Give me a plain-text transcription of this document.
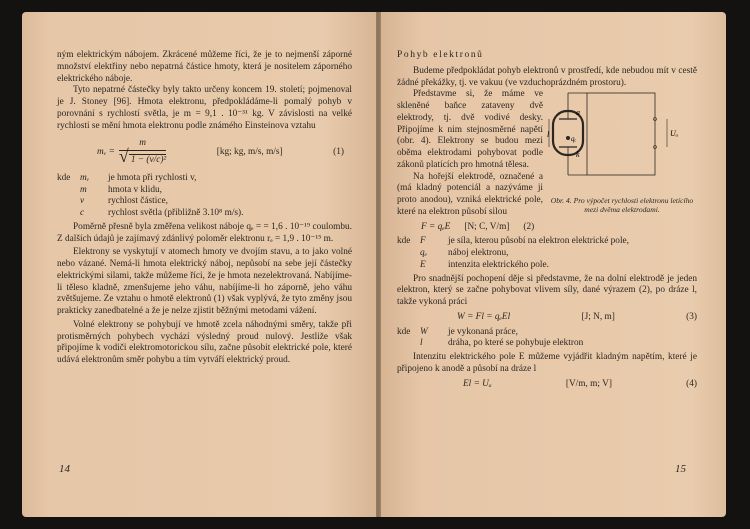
ným elektrickým nábojem. Zkrácené můžeme říci, že je to nejmenší záporné množství elektřiny nebo nepatrná částice hmoty, která je nositelem záporného elektrického náboje.

Tyto nepatrné částečky byly takto určeny koncem 19. století; pojmenoval je J. Stoney [96]. Hmota elektronu, předpokládáme-li pomalý pohyb v porovnání s rychlostí světla, je m = 9,1 . 10⁻³¹ kg. V závislosti na velké rychlosti se mění hmota elektronu podle známého Einsteinova vztahu

mᵥ = $\frac{m}{\text{√ 1 − (v/c)²}}$	[kg; kg, m/s, m/s]	(1)
kde	mᵥ	je hmota při rychlosti v,
m	hmota v klidu,
v	rychlost částice,
c	rychlost světla (přibližně 3.10⁸ m/s).

Poměrně přesně byla změřena velikost náboje qₑ = = 1,6 . 10⁻¹⁹ coulombu. Z dalších údajů je zajímavý zdánlivý poloměr elektronu rₑ = 1,9 . 10⁻¹⁵ m.

Elektrony se vyskytují v atomech hmoty ve dvojím stavu, a to jako volné nebo vázané. Nemá-li hmota elektrický náboj, nepůsobí na sebe její částečky elektrickými silami, takže můžeme říci, že je hmota nezelektrovaná. Nabíjíme-li těleso kladně, zmenšujeme jeho váhu, nabíjíme-li ho záporně, jeho váhu zvětšujeme. Ze vztahu o hmotě elektronů (1) však vyplývá, že tyto změny jsou prakticky zanedbatelné a že je nelze zjistit běžnými metodami vážení.

Volné elektrony se pohybují ve hmotě zcela náhodnými směry, takže při protisměrných pohybech vychází výsledný proud nulový. Jestliže však připojíme k vodiči elektromotorickou sílu, začne působit elektrické pole, které udává elektronům směr pohybu a tím vytváří elektrický proud.

14
Pohyb elektronů

Budeme předpokládat pohyb elektronů v prostředí, kde nebudou mít v cestě žádné překážky, tj. ve vakuu (ve vzduchoprázdném prostoru).

Představme si, že máme ve skleněné baňce zataveny dvě elektrody, tj. dvě vodivé desky. Připojíme k nim stejnosměrné napětí (obr. 4). Elektrony se budou mezi oběma elektrodami pohybovat podle zákonů platících pro hmotná tělesa.

Na hořejší elektrodě, označené a (má kladný potenciál a nazýváme ji proto anodou), vzniká elektrické pole, které na elektron působí silou

a
k
l	qₑ
Uₐ
Obr. 4. Pro výpočet rychlosti elektronu letícího mezi dvěma elektrodami.
F = qₑE [N; C, V/m] (2)
kde	F	je síla, kterou působí na elektron elektrické pole,
qₑ	náboj elektronu,
E	intenzita elektrického pole.

Pro snadnější pochopení děje si představme, že na dolní elektrodě je jeden elektron, který se začne pohybovat vlivem síly, dané výrazem (2), po dráze l, takže vykoná práci

W = Fl = qₑEl	[J; N, m]	(3)
kde	W	je vykonaná práce,
l	dráha, po které se pohybuje elektron

Intenzitu elektrického pole E můžeme vyjádřit kladným napětím, které je připojeno k anodě a působí na dráze l

El = Uₐ	[V/m, m; V]	(4)
15
